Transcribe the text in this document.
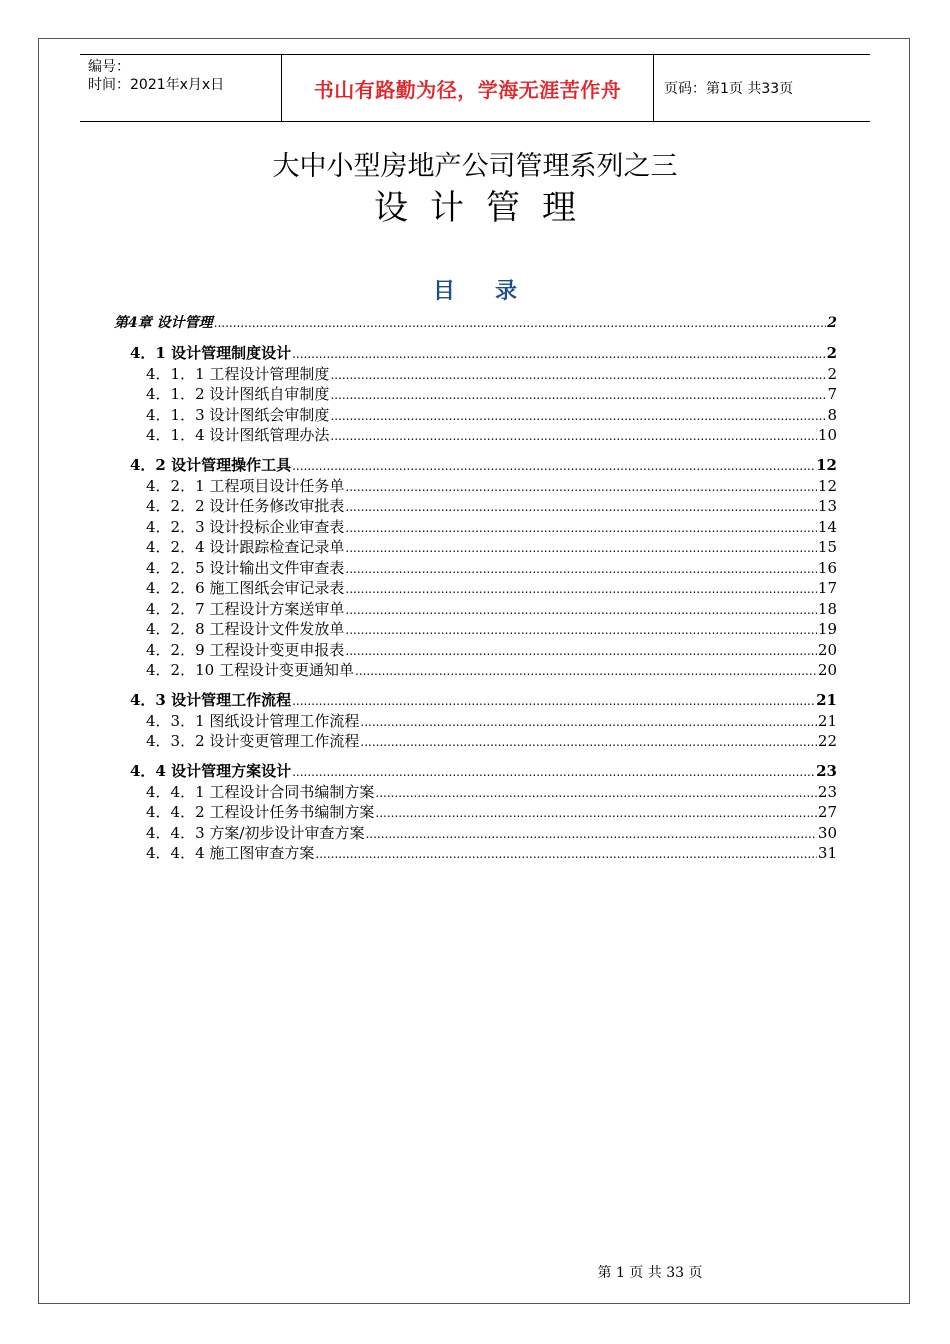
编号：
时间：2021年x月x日	书山有路勤为径，学海无涯苦作舟	页码：第1页 共33页
大中小型房地产公司管理系列之三
设计管理
目录
第4章 设计管理 .....	2
4．1 设计管理制度设计 .....	2
4．1．1 工程设计管理制度 .....	2
4．1．2 设计图纸自审制度 .....	7
4．1．3 设计图纸会审制度 .....	8
4．1．4 设计图纸管理办法 .....	10
4．2 设计管理操作工具 .....	12
4．2．1 工程项目设计任务单 .....	12
4．2．2 设计任务修改审批表 .....	13
4．2．3 设计投标企业审查表 .....	14
4．2．4 设计跟踪检查记录单 .....	15
4．2．5 设计输出文件审查表 .....	16
4．2．6 施工图纸会审记录表 .....	17
4．2．7 工程设计方案送审单 .....	18
4．2．8 工程设计文件发放单 .....	19
4．2．9 工程设计变更申报表 .....	20
4．2．10 工程设计变更通知单 .....	20
4．3 设计管理工作流程 .....	21
4．3．1 图纸设计管理工作流程 .....	21
4．3．2 设计变更管理工作流程 .....	22
4．4 设计管理方案设计 .....	23
4．4．1 工程设计合同书编制方案 .....	23
4．4．2 工程设计任务书编制方案 .....	27
4．4．3 方案/初步设计审查方案 .....	30
4．4．4 施工图审查方案 .....	31
第 1 页 共 33 页
